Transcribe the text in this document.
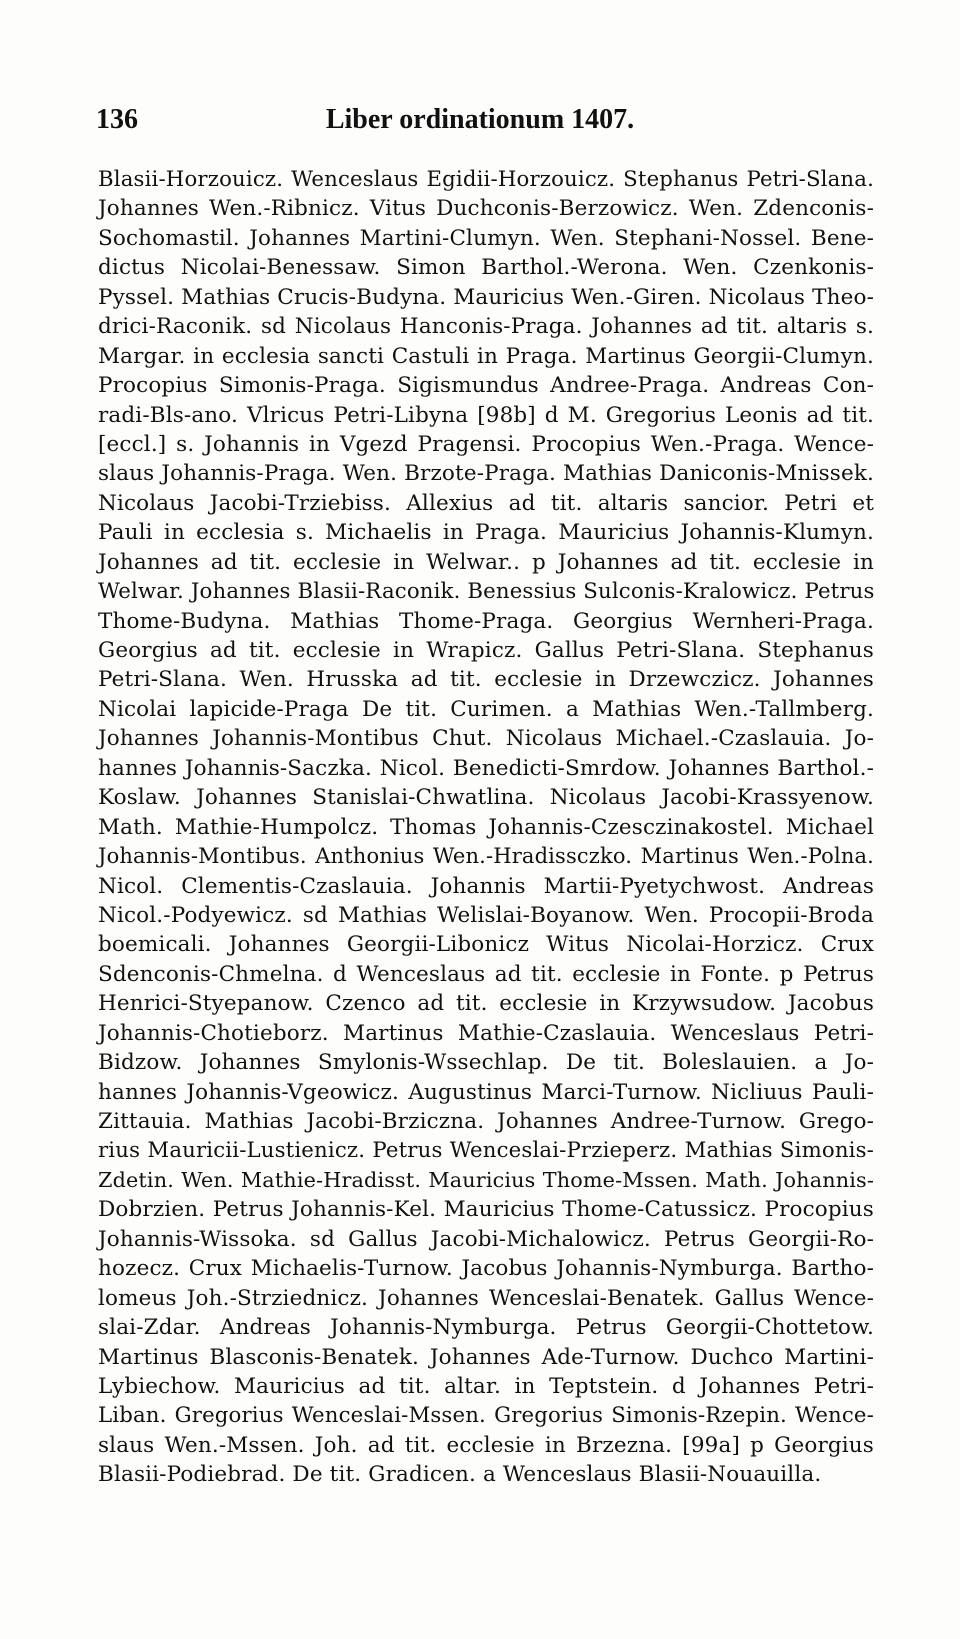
136	Liber ordinationum 1407.
Blasii-Horzouicz. Wenceslaus Egidii-Horzouicz. Stephanus Petri-Slana.
Johannes Wen.-Ribnicz. Vitus Duchconis-Berzowicz. Wen. Zdenconis-
Sochomastil. Johannes Martini-Clumyn. Wen. Stephani-Nossel. Bene-
dictus Nicolai-Benessaw. Simon Barthol.-Werona. Wen. Czenkonis-
Pyssel. Mathias Crucis-Budyna. Mauricius Wen.-Giren. Nicolaus Theo-
drici-Raconik. sd Nicolaus Hanconis-Praga. Johannes ad tit. altaris s.
Margar. in ecclesia sancti Castuli in Praga. Martinus Georgii-Clumyn.
Procopius Simonis-Praga. Sigismundus Andree-Praga. Andreas Con-
radi-Bls-ano. Vlricus Petri-Libyna [98b] d M. Gregorius Leonis ad tit.
[eccl.] s. Johannis in Vgezd Pragensi. Procopius Wen.-Praga. Wence-
slaus Johannis-Praga. Wen. Brzote-Praga. Mathias Daniconis-Mnissek.
Nicolaus Jacobi-Trziebiss. Allexius ad tit. altaris sancior. Petri et
Pauli in ecclesia s. Michaelis in Praga. Mauricius Johannis-Klumyn.
Johannes ad tit. ecclesie in Welwar.. p Johannes ad tit. ecclesie in
Welwar. Johannes Blasii-Raconik. Benessius Sulconis-Kralowicz. Petrus
Thome-Budyna. Mathias Thome-Praga. Georgius Wernheri-Praga.
Georgius ad tit. ecclesie in Wrapicz. Gallus Petri-Slana. Stephanus
Petri-Slana. Wen. Hrusska ad tit. ecclesie in Drzewczicz. Johannes
Nicolai lapicide-Praga De tit. Curimen. a Mathias Wen.-Tallmberg.
Johannes Johannis-Montibus Chut. Nicolaus Michael.-Czaslauia. Jo-
hannes Johannis-Saczka. Nicol. Benedicti-Smrdow. Johannes Barthol.-
Koslaw. Johannes Stanislai-Chwatlina. Nicolaus Jacobi-Krassyenow.
Math. Mathie-Humpolcz. Thomas Johannis-Czesczinakostel. Michael
Johannis-Montibus. Anthonius Wen.-Hradissczko. Martinus Wen.-Polna.
Nicol. Clementis-Czaslauia. Johannis Martii-Pyetychwost. Andreas
Nicol.-Podyewicz. sd Mathias Welislai-Boyanow. Wen. Procopii-Broda
boemicali. Johannes Georgii-Libonicz Witus Nicolai-Horzicz. Crux
Sdenconis-Chmelna. d Wenceslaus ad tit. ecclesie in Fonte. p Petrus
Henrici-Styepanow. Czenco ad tit. ecclesie in Krzywsudow. Jacobus
Johannis-Chotieborz. Martinus Mathie-Czaslauia. Wenceslaus Petri-
Bidzow. Johannes Smylonis-Wssechlap. De tit. Boleslauien. a Jo-
hannes Johannis-Vgeowicz. Augustinus Marci-Turnow. Nicliuus Pauli-
Zittauia. Mathias Jacobi-Brziczna. Johannes Andree-Turnow. Grego-
rius Mauricii-Lustienicz. Petrus Wenceslai-Przieperz. Mathias Simonis-
Zdetin. Wen. Mathie-Hradisst. Mauricius Thome-Mssen. Math. Johannis-
Dobrzien. Petrus Johannis-Kel. Mauricius Thome-Catussicz. Procopius
Johannis-Wissoka. sd Gallus Jacobi-Michalowicz. Petrus Georgii-Ro-
hozecz. Crux Michaelis-Turnow. Jacobus Johannis-Nymburga. Bartho-
lomeus Joh.-Strziednicz. Johannes Wenceslai-Benatek. Gallus Wence-
slai-Zdar. Andreas Johannis-Nymburga. Petrus Georgii-Chottetow.
Martinus Blasconis-Benatek. Johannes Ade-Turnow. Duchco Martini-
Lybiechow. Mauricius ad tit. altar. in Teptstein. d Johannes Petri-
Liban. Gregorius Wenceslai-Mssen. Gregorius Simonis-Rzepin. Wence-
slaus Wen.-Mssen. Joh. ad tit. ecclesie in Brzezna. [99a] p Georgius
Blasii-Podiebrad. De tit. Gradicen. a Wenceslaus Blasii-Nouauilla.
